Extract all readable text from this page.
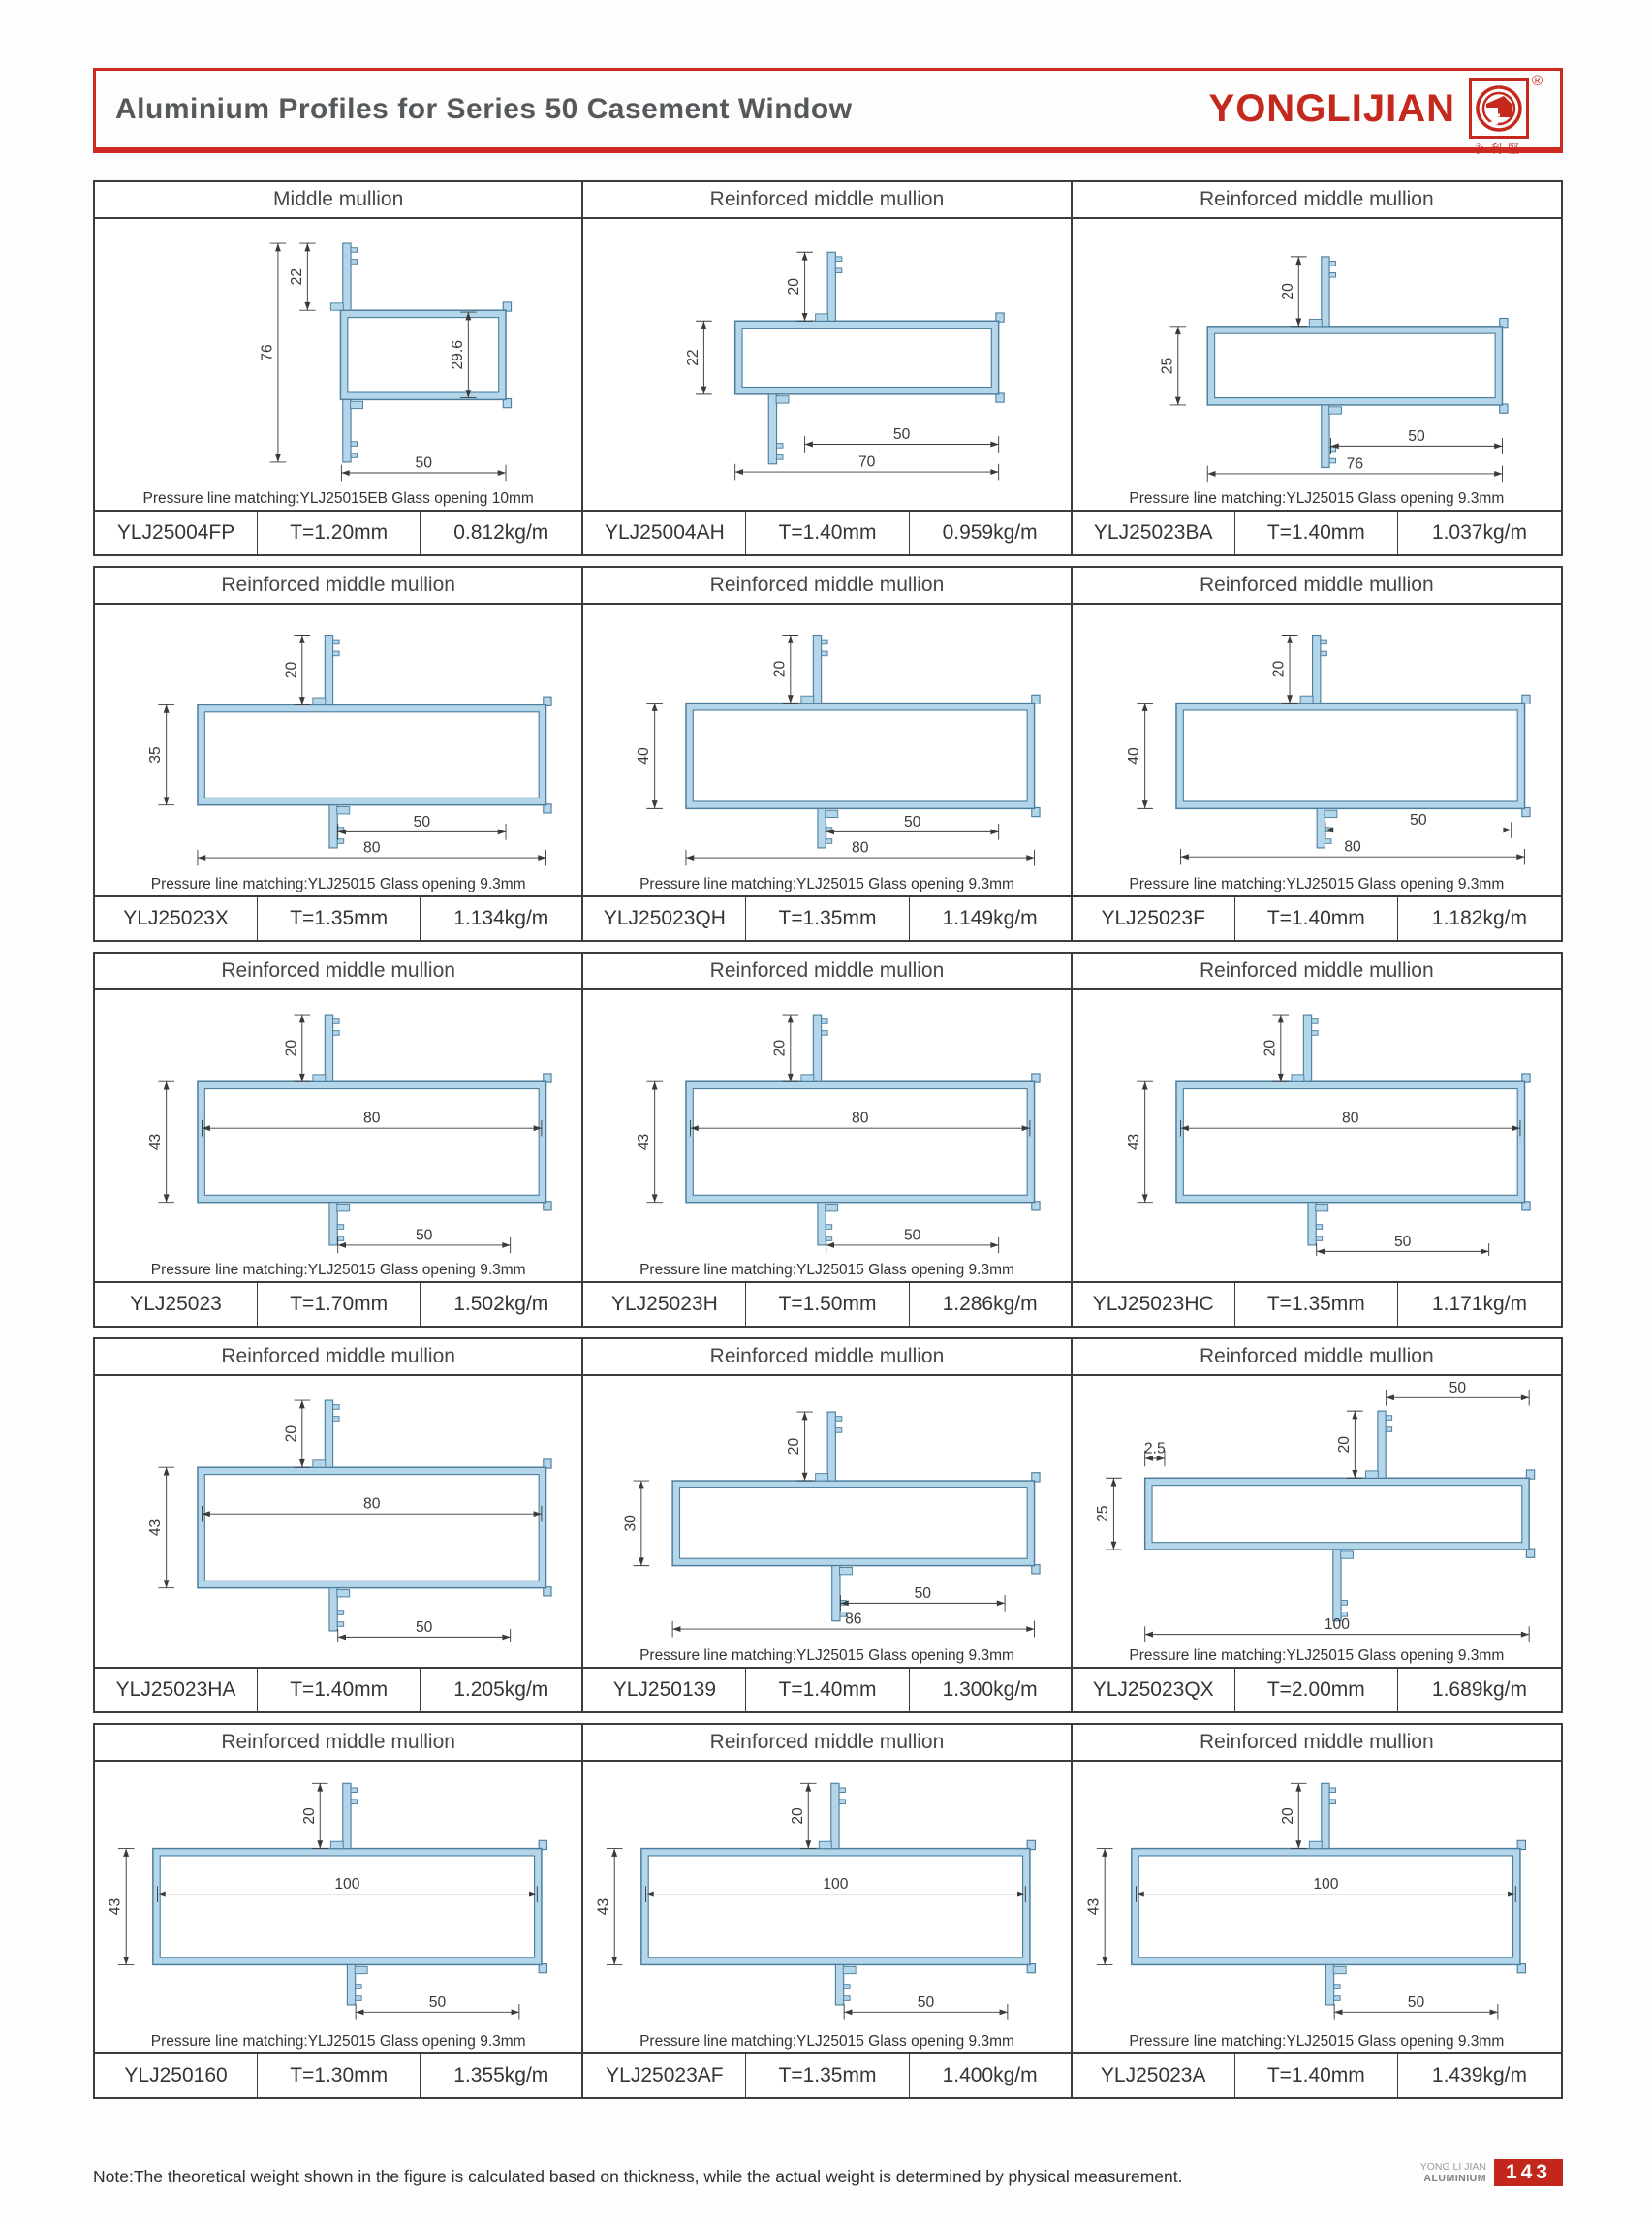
Aluminium Profiles for Series 50 Casement Window	YONGLIJIAN
®
永利堅
Middle mullion	Reinforced middle mullion	Reinforced middle mullion
22
76	29.6
50
Pressure line matching:YLJ25015EB Glass opening 10mm
20
22
50
70
20
25
50
76
Pressure line matching:YLJ25015 Glass opening 9.3mm
YLJ25004FP	T=1.20mm	0.812kg/m	YLJ25004AH	T=1.40mm	0.959kg/m	YLJ25023BA	T=1.40mm	1.037kg/m
Reinforced middle mullion	Reinforced middle mullion	Reinforced middle mullion
20
35
50
80
Pressure line matching:YLJ25015 Glass opening 9.3mm
20
40
50
80
Pressure line matching:YLJ25015 Glass opening 9.3mm
20
40
50
80
Pressure line matching:YLJ25015 Glass opening 9.3mm
YLJ25023X	T=1.35mm	1.134kg/m	YLJ25023QH	T=1.35mm	1.149kg/m	YLJ25023F	T=1.40mm	1.182kg/m
Reinforced middle mullion	Reinforced middle mullion	Reinforced middle mullion
20
43
80
50
Pressure line matching:YLJ25015 Glass opening 9.3mm
20
43
80
50
Pressure line matching:YLJ25015 Glass opening 9.3mm
20
43
80
50
YLJ25023	T=1.70mm	1.502kg/m	YLJ25023H	T=1.50mm	1.286kg/m	YLJ25023HC	T=1.35mm	1.171kg/m
Reinforced middle mullion	Reinforced middle mullion	Reinforced middle mullion
20
43
80
50
20
30
50
86
Pressure line matching:YLJ25015 Glass opening 9.3mm
50
20
2.5
25
100
Pressure line matching:YLJ25015 Glass opening 9.3mm
YLJ25023HA	T=1.40mm	1.205kg/m	YLJ250139	T=1.40mm	1.300kg/m	YLJ25023QX	T=2.00mm	1.689kg/m
Reinforced middle mullion	Reinforced middle mullion	Reinforced middle mullion
20
43
100
50
Pressure line matching:YLJ25015 Glass opening 9.3mm
20
43
100
50
Pressure line matching:YLJ25015 Glass opening 9.3mm
20
43
100
50
Pressure line matching:YLJ25015 Glass opening 9.3mm
YLJ250160	T=1.30mm	1.355kg/m	YLJ25023AF	T=1.35mm	1.400kg/m	YLJ25023A	T=1.40mm	1.439kg/m
Note:The theoretical weight shown in the figure is calculated based on thickness, while the actual weight is determined by physical measurement.	YONG LI JIAN
ALUMINIUM 143
